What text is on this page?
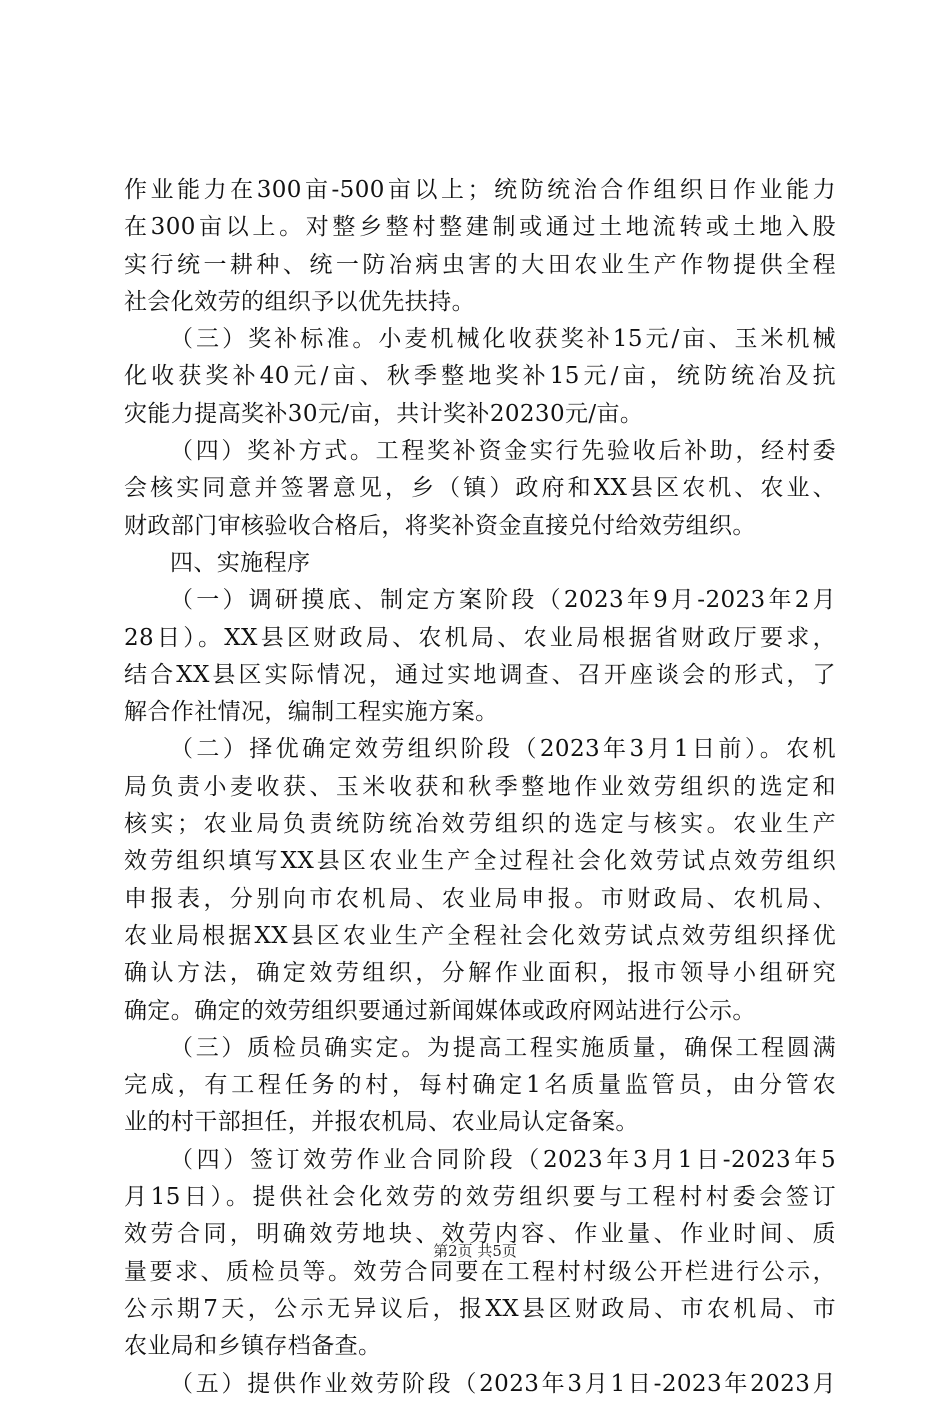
作业能力在300亩-500亩以上；统防统治合作组织日作业能力
在300亩以上。对整乡整村整建制或通过土地流转或土地入股
实行统一耕种、统一防冶病虫害的大田农业生产作物提供全程
社会化效劳的组织予以优先扶持。
（三）奖补标准。小麦机械化收获奖补15元/亩、玉米机械
化收获奖补40元/亩、秋季整地奖补15元/亩，统防统冶及抗
灾能力提高奖补30元/亩，共计奖补20230元/亩。
（四）奖补方式。工程奖补资金实行先验收后补助，经村委
会核实同意并签署意见，乡（镇）政府和XX县区农机、农业、
财政部门审核验收合格后，将奖补资金直接兑付给效劳组织。
四、实施程序
（一）调研摸底、制定方案阶段（2023年9月-2023年2月
28日）。XX县区财政局、农机局、农业局根据省财政厅要求，
结合XX县区实际情况，通过实地调查、召开座谈会的形式，了
解合作社情况，编制工程实施方案。
（二）择优确定效劳组织阶段（2023年3月1日前）。农机
局负责小麦收获、玉米收获和秋季整地作业效劳组织的选定和
核实；农业局负责统防统冶效劳组织的选定与核实。农业生产
效劳组织填写XX县区农业生产全过程社会化效劳试点效劳组织
申报表，分别向市农机局、农业局申报。市财政局、农机局、
农业局根据XX县区农业生产全程社会化效劳试点效劳组织择优
确认方法，确定效劳组织，分解作业面积，报市领导小组研究
确定。确定的效劳组织要通过新闻媒体或政府网站进行公示。
（三）质检员确实定。为提高工程实施质量，确保工程圆满
完成，有工程任务的村，每村确定1名质量监管员，由分管农
业的村干部担任，并报农机局、农业局认定备案。
（四）签订效劳作业合同阶段（2023年3月1日-2023年5
月15日）。提供社会化效劳的效劳组织要与工程村村委会签订
效劳合同，明确效劳地块、效劳内容、作业量、作业时间、质
量要求、质检员等。效劳合同要在工程村村级公开栏进行公示，
公示期7天，公示无异议后，报XX县区财政局、市农机局、市
农业局和乡镇存档备查。
（五）提供作业效劳阶段（2023年3月1日-2023年2023月
第2页 共5页
